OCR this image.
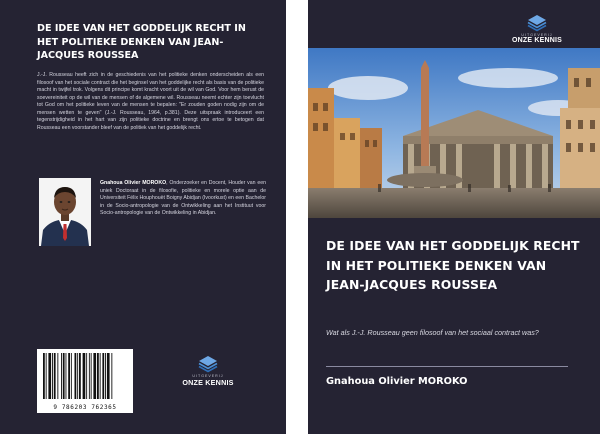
DE IDEE VAN HET GODDELIJK RECHT IN HET POLITIEKE DENKEN VAN JEAN-JACQUES ROUSSEA

J.-J. Rousseau heeft zich in de geschiedenis van het politieke denken onderscheiden als een filosoof van het sociale contract die het beginsel van het goddelijke recht als basis van de politieke macht in twijfel trok. Volgens dit principe komt kracht voort uit de wil van God. Voor hem berust de soevereiniteit op de wil van de mensen of de algemene wil. Rousseau neemt echter zijn toevlucht tot God om het politieke leven van de mensen te bepalen: "Er zouden goden nodig zijn om de mensen wetten te geven" (J.-J. Rousseau, 1964, p.381). Deze uitspraak introduceert een tegenstrijdigheid in het hart van zijn politieke doctrine en brengt ons ertoe te betogen dat Rousseau een voorstander bleef van de politiek van het goddelijk recht.

Gnahoua Olivier MOROKO, Onderzoeker en Docent, Houder van een uniek Doctoraat in de filosofie, politieke en morele optie aan de Universiteit Félix Houphouët Boigny Abidjan (Ivoorkust) en een Bachelor in de Socio-antropologie van de Ontwikkeling aan het Instituut voor Socio-antropologie van de Ontwikkeling in Abidjan.

9 786203 762365
UITGEVERIJ
ONZE KENNIS
UITGEVERIJ
ONZE KENNIS
DE IDEE VAN HET GODDELIJK RECHT IN HET POLITIEKE DENKEN VAN JEAN-JACQUES ROUSSEA

Wat als J.-J. Rousseau geen filosoof van het sociaal contract was?

Gnahoua Olivier MOROKO
